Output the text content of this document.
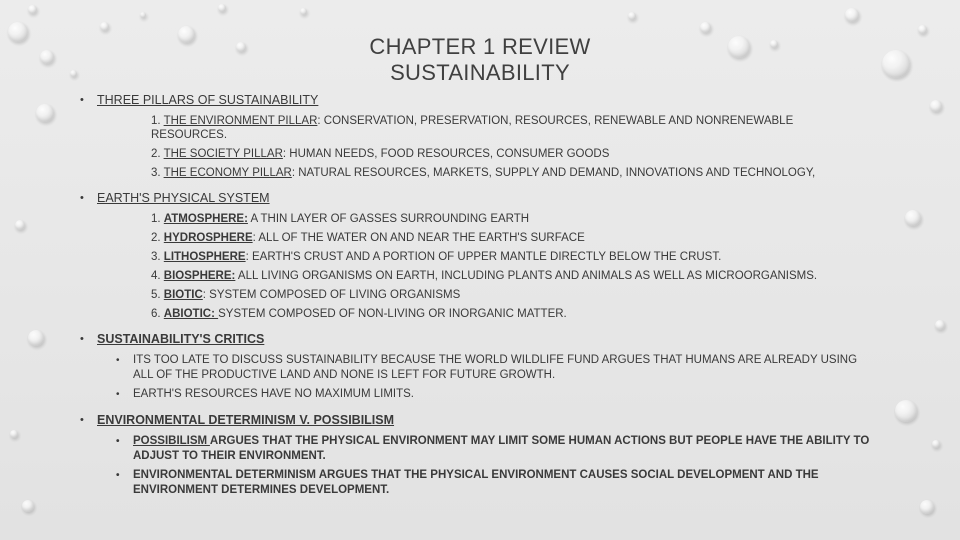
CHAPTER 1 REVIEW
SUSTAINABILITY
• THREE PILLARS OF SUSTAINABILITY
1. THE ENVIRONMENT PILLAR: CONSERVATION, PRESERVATION, RESOURCES, RENEWABLE AND NONRENEWABLE RESOURCES.
2. THE SOCIETY PILLAR: HUMAN NEEDS, FOOD RESOURCES, CONSUMER GOODS
3. THE ECONOMY PILLAR: NATURAL RESOURCES, MARKETS, SUPPLY AND DEMAND, INNOVATIONS AND TECHNOLOGY,
• EARTH'S PHYSICAL SYSTEM
1. ATMOSPHERE: A THIN LAYER OF GASSES SURROUNDING EARTH
2. HYDROSPHERE: ALL OF THE WATER ON AND NEAR THE EARTH'S SURFACE
3. LITHOSPHERE: EARTH'S CRUST AND A PORTION OF UPPER MANTLE DIRECTLY BELOW THE CRUST.
4. BIOSPHERE: ALL LIVING ORGANISMS ON EARTH, INCLUDING PLANTS AND ANIMALS AS WELL AS MICROORGANISMS.
5. BIOTIC: SYSTEM COMPOSED OF LIVING ORGANISMS
6. ABIOTIC: SYSTEM COMPOSED OF NON-LIVING OR INORGANIC MATTER.
• SUSTAINABILITY'S CRITICS
• ITS TOO LATE TO DISCUSS SUSTAINABILITY BECAUSE THE WORLD WILDLIFE FUND ARGUES THAT HUMANS ARE ALREADY USING ALL OF THE PRODUCTIVE LAND AND NONE IS LEFT FOR FUTURE GROWTH.
• EARTH'S RESOURCES HAVE NO MAXIMUM LIMITS.
• ENVIRONMENTAL DETERMINISM V. POSSIBILISM
• POSSIBILISM ARGUES THAT THE PHYSICAL ENVIRONMENT MAY LIMIT SOME HUMAN ACTIONS BUT PEOPLE HAVE THE ABILITY TO ADJUST TO THEIR ENVIRONMENT.
• ENVIRONMENTAL DETERMINISM ARGUES THAT THE PHYSICAL ENVIRONMENT CAUSES SOCIAL DEVELOPMENT AND THE ENVIRONMENT DETERMINES DEVELOPMENT.
